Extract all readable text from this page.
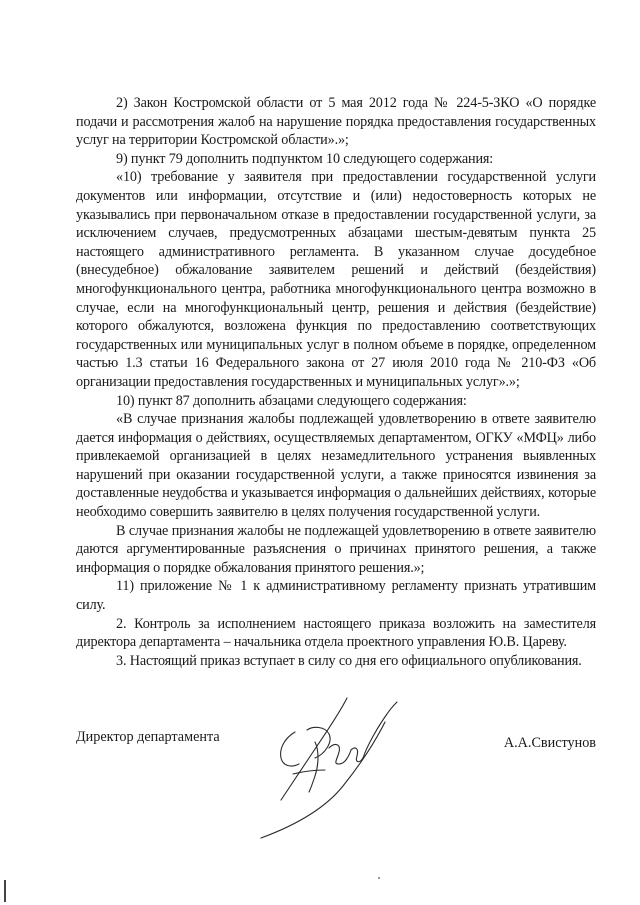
2) Закон Костромской области от 5 мая 2012 года № 224-5-ЗКО «О порядке подачи и рассмотрения жалоб на нарушение порядка предоставления государственных услуг на территории Костромской области».»;

9) пункт 79 дополнить подпунктом 10 следующего содержания:

«10) требование у заявителя при предоставлении государственной услуги документов или информации, отсутствие и (или) недостоверность которых не указывались при первоначальном отказе в предоставлении государственной услуги, за исключением случаев, предусмотренных абзацами шестым-девятым пункта 25 настоящего административного регламента. В указанном случае досудебное (внесудебное) обжалование заявителем решений и действий (бездействия) многофункционального центра, работника многофункционального центра возможно в случае, если на многофункциональный центр, решения и действия (бездействие) которого обжалуются, возложена функция по предоставлению соответствующих государственных или муниципальных услуг в полном объеме в порядке, определенном частью 1.3 статьи 16 Федерального закона от 27 июля 2010 года № 210-ФЗ «Об организации предоставления государственных и муниципальных услуг».»;

10) пункт 87 дополнить абзацами следующего содержания:

«В случае признания жалобы подлежащей удовлетворению в ответе заявителю дается информация о действиях, осуществляемых департаментом, ОГКУ «МФЦ» либо привлекаемой организацией в целях незамедлительного устранения выявленных нарушений при оказании государственной услуги, а также приносятся извинения за доставленные неудобства и указывается информация о дальнейших действиях, которые необходимо совершить заявителю в целях получения государственной услуги.

В случае признания жалобы не подлежащей удовлетворению в ответе заявителю даются аргументированные разъяснения о причинах принятого решения, а также информация о порядке обжалования принятого решения.»;

11) приложение № 1 к административному регламенту признать утратившим силу.

2. Контроль за исполнением настоящего приказа возложить на заместителя директора департамента – начальника отдела проектного управления Ю.В. Цареву.

3. Настоящий приказ вступает в силу со дня его официального опубликования.

Директор департамента	А.А.Свистунов
